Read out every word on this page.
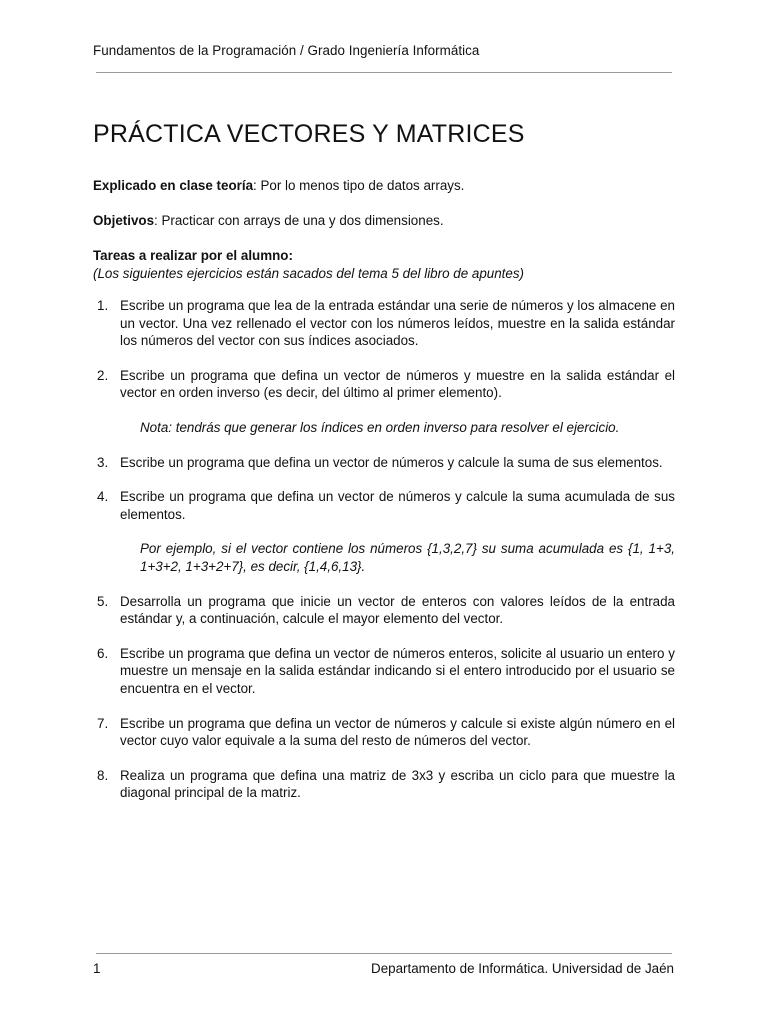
Fundamentos de la Programación / Grado Ingeniería Informática
PRÁCTICA VECTORES Y MATRICES

Explicado en clase teoría: Por lo menos tipo de datos arrays.

Objetivos: Practicar con arrays de una y dos dimensiones.

Tareas a realizar por el alumno:

(Los siguientes ejercicios están sacados del tema 5 del libro de apuntes)

1. Escribe un programa que lea de la entrada estándar una serie de números y los almacene en un vector. Una vez rellenado el vector con los números leídos, muestre en la salida estándar los números del vector con sus índices asociados.
2. Escribe un programa que defina un vector de números y muestre en la salida estándar el vector en orden inverso (es decir, del último al primer elemento).
Nota: tendrás que generar los índices en orden inverso para resolver el ejercicio.
3. Escribe un programa que defina un vector de números y calcule la suma de sus elementos.
4. Escribe un programa que defina un vector de números y calcule la suma acumulada de sus elementos.
Por ejemplo, si el vector contiene los números {1,3,2,7} su suma acumulada es {1, 1+3, 1+3+2, 1+3+2+7}, es decir, {1,4,6,13}.
5. Desarrolla un programa que inicie un vector de enteros con valores leídos de la entrada estándar y, a continuación, calcule el mayor elemento del vector.
6. Escribe un programa que defina un vector de números enteros, solicite al usuario un entero y muestre un mensaje en la salida estándar indicando si el entero introducido por el usuario se encuentra en el vector.
7. Escribe un programa que defina un vector de números y calcule si existe algún número en el vector cuyo valor equivale a la suma del resto de números del vector.
8. Realiza un programa que defina una matriz de 3x3 y escriba un ciclo para que muestre la diagonal principal de la matriz.
1	Departamento de Informática. Universidad de Jaén
